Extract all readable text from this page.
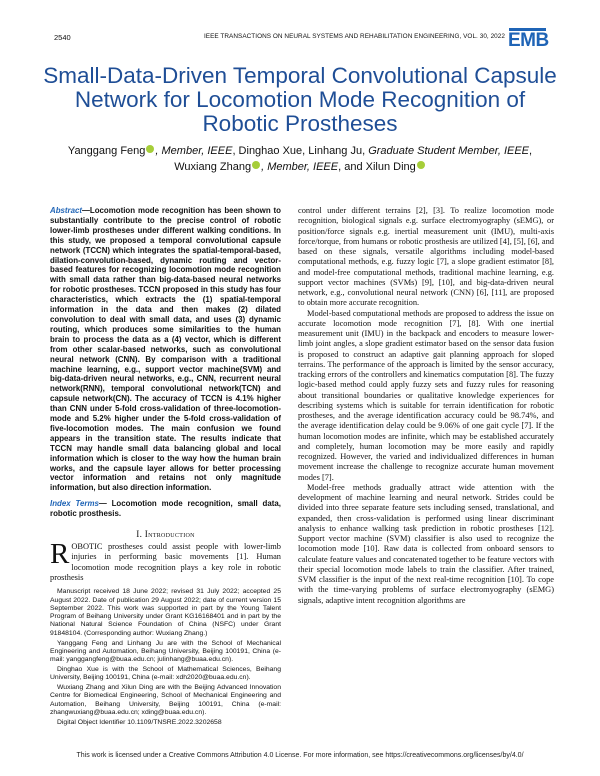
2540	IEEE TRANSACTIONS ON NEURAL SYSTEMS AND REHABILITATION ENGINEERING, VOL. 30, 2022 EMB
Small-Data-Driven Temporal Convolutional Capsule Network for Locomotion Mode Recognition of Robotic Prostheses
Yanggang Feng , Member, IEEE, Dinghao Xue, Linhang Ju, Graduate Student Member, IEEE,
Wuxiang Zhang , Member, IEEE, and Xilun Ding

Abstract—Locomotion mode recognition has been shown to substantially contribute to the precise control of robotic lower-limb prostheses under different walking conditions. In this study, we proposed a temporal convolutional capsule network (TCCN) which integrates the spatial-temporal-based, dilation-convolution-based, dynamic routing and vector-based features for recognizing locomotion mode recognition with small data rather than big-data-based neural networks for robotic prostheses. TCCN proposed in this study has four characteristics, which extracts the (1) spatial-temporal information in the data and then makes (2) dilated convolution to deal with small data, and uses (3) dynamic routing, which produces some similarities to the human brain to process the data as a (4) vector, which is different from other scalar-based networks, such as convolutional neural network (CNN). By comparison with a traditional machine learning, e.g., support vector machine(SVM) and big-data-driven neural networks, e.g., CNN, recurrent neural network(RNN), temporal convolutional network(TCN) and capsule network(CN). The accuracy of TCCN is 4.1% higher than CNN under 5-fold cross-validation of three-locomotion-mode and 5.2% higher under the 5-fold cross-validation of five-locomotion modes. The main confusion we found appears in the transition state. The results indicate that TCCN may handle small data balancing global and local information which is closer to the way how the human brain works, and the capsule layer allows for better processing vector information and retains not only magnitude information, but also direction information.

Index Terms— Locomotion mode recognition, small data, robotic prosthesis.

I. Introduction

ROBOTIC prostheses could assist people with lower-limb injuries in performing basic movements [1]. Human locomotion mode recognition plays a key role in robotic prosthesis

Manuscript received 18 June 2022; revised 31 July 2022; accepted 25 August 2022. Date of publication 29 August 2022; date of current version 15 September 2022. This work was supported in part by the Young Talent Program of Beihang University under Grant KG16168401 and in part by the National Natural Science Foundation of China (NSFC) under Grant 91848104. (Corresponding author: Wuxiang Zhang.)

Yanggang Feng and Linhang Ju are with the School of Mechanical Engineering and Automation, Beihang University, Beijing 100191, China (e-mail: yanggangfeng@buaa.edu.cn; julinhang@buaa.edu.cn).

Dinghao Xue is with the School of Mathematical Sciences, Beihang University, Beijing 100191, China (e-mail: xdh2020@buaa.edu.cn).

Wuxiang Zhang and Xilun Ding are with the Beijing Advanced Innovation Centre for Biomedical Engineering, School of Mechanical Engineering and Automation, Beihang University, Beijing 100191, China (e-mail: zhangwuxiang@buaa.edu.cn; xding@buaa.edu.cn).

Digital Object Identifier 10.1109/TNSRE.2022.3202658

control under different terrains [2], [3]. To realize locomotion mode recognition, biological signals e.g. surface electromyography (sEMG), or position/force signals e.g. inertial measurement unit (IMU), multi-axis force/torque, from humans or robotic prosthesis are utilized [4], [5], [6], and based on these signals, versatile algorithms including model-based computational methods, e.g. fuzzy logic [7], a slope gradient estimator [8], and model-free computational methods, traditional machine learning, e.g. support vector machines (SVMs) [9], [10], and big-data-driven neural network, e.g., convolutional neural network (CNN) [6], [11], are proposed to obtain more accurate recognition.

Model-based computational methods are proposed to address the issue on accurate locomotion mode recognition [7], [8]. With one inertial measurement unit (IMU) in the backpack and encoders to measure lower-limb joint angles, a slope gradient estimator based on the sensor data fusion is proposed to construct an adaptive gait planning approach for sloped terrains. The performance of the approach is limited by the sensor accuracy, tracking errors of the controllers and kinematics computation [8]. The fuzzy logic-based method could apply fuzzy sets and fuzzy rules for reasoning about transitional boundaries or qualitative knowledge experiences for describing systems which is suitable for terrain identification for robotic prostheses, and the average identification accuracy could be 98.74%, and the average identification delay could be 9.06% of one gait cycle [7]. If the human locomotion modes are infinite, which may be established accurately and completely, human locomotion may be more easily and rapidly recognized. However, the varied and individualized differences in human movement increase the challenge to recognize accurate human movement modes [7].

Model-free methods gradually attract wide attention with the development of machine learning and neural network. Strides could be divided into three separate feature sets including sensed, translational, and expanded, then cross-validation is performed using linear discriminant analysis to enhance walking task prediction in robotic prostheses [12]. Support vector machine (SVM) classifier is also used to recognize the locomotion mode [10]. Raw data is collected from onboard sensors to calculate feature values and concatenated together to be feature vectors with their special locomotion mode labels to train the classifier. After trained, SVM classifier is the input of the next real-time recognition [10]. To cope with the time-varying problems of surface electromyography (sEMG) signals, adaptive intent recognition algorithms are

This work is licensed under a Creative Commons Attribution 4.0 License. For more information, see https://creativecommons.org/licenses/by/4.0/
